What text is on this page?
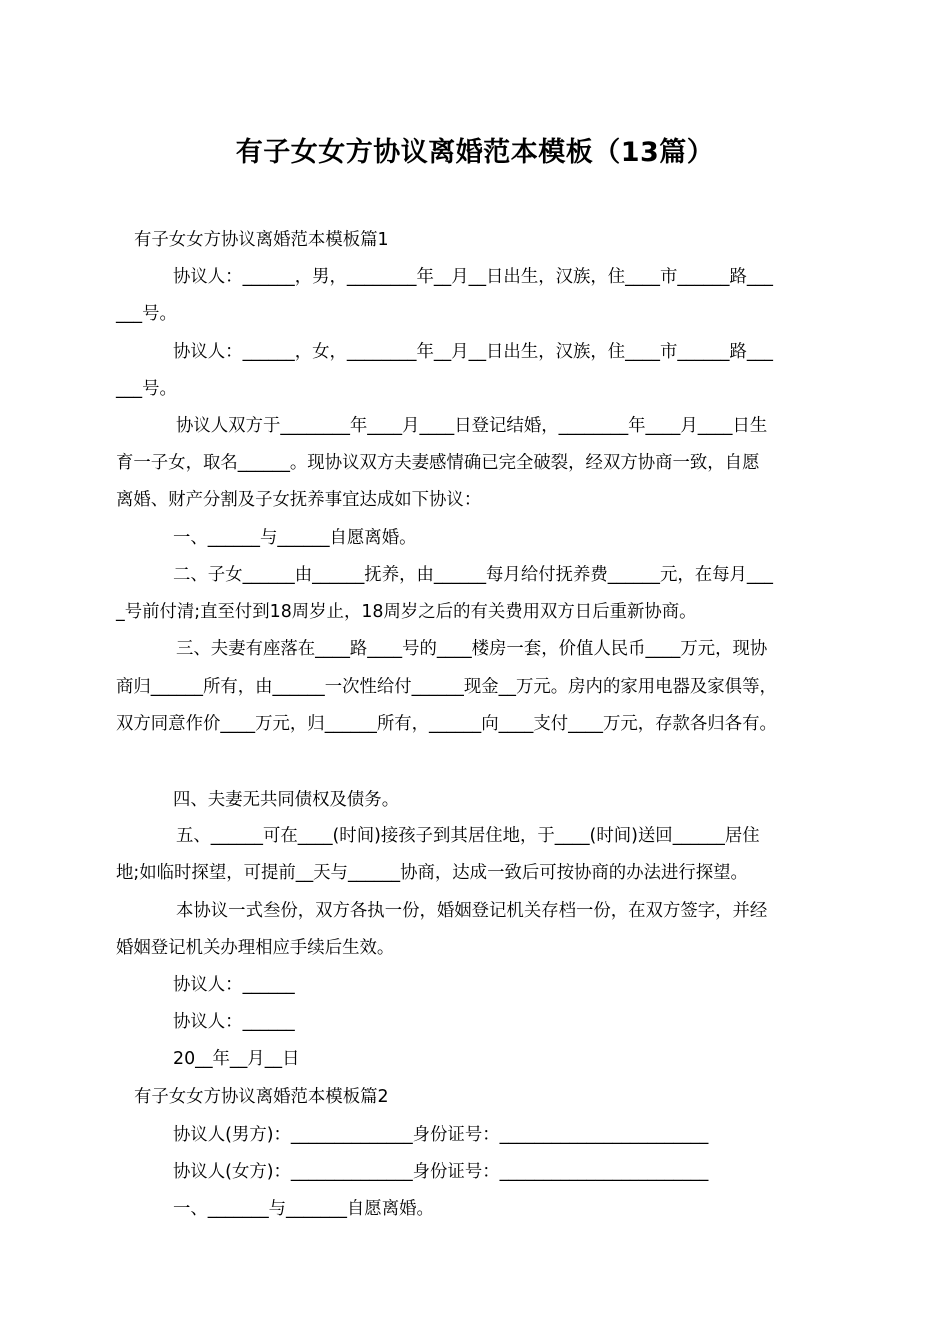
有子女女方协议离婚范本模板（13篇）

有子女女方协议离婚范本模板篇1

协议人：______，男，________年__月__日出生，汉族，住____市______路___

___号。

协议人：______，女，________年__月__日出生，汉族，住____市______路___

___号。

协议人双方于________年____月____日登记结婚，________年____月____日生

育一子女，取名______。现协议双方夫妻感情确已完全破裂，经双方协商一致，自愿

离婚、财产分割及子女抚养事宜达成如下协议：

一、______与______自愿离婚。

二、子女______由______抚养，由______每月给付抚养费______元，在每月___

_号前付清;直至付到18周岁止，18周岁之后的有关费用双方日后重新协商。

三、夫妻有座落在____路____号的____楼房一套，价值人民币____万元，现协

商归______所有，由______一次性给付______现金__万元。房内的家用电器及家俱等，

双方同意作价____万元，归______所有，______向____支付____万元，存款各归各有。

四、夫妻无共同债权及债务。

五、______可在____(时间)接孩子到其居住地，于____(时间)送回______居住

地;如临时探望，可提前__天与______协商，达成一致后可按协商的办法进行探望。

本协议一式叁份，双方各执一份，婚姻登记机关存档一份，在双方签字，并经

婚姻登记机关办理相应手续后生效。

协议人：______

协议人：______

20__年__月__日

有子女女方协议离婚范本模板篇2

协议人(男方)：______________身份证号：________________________

协议人(女方)：______________身份证号：________________________

一、_______与_______自愿离婚。
